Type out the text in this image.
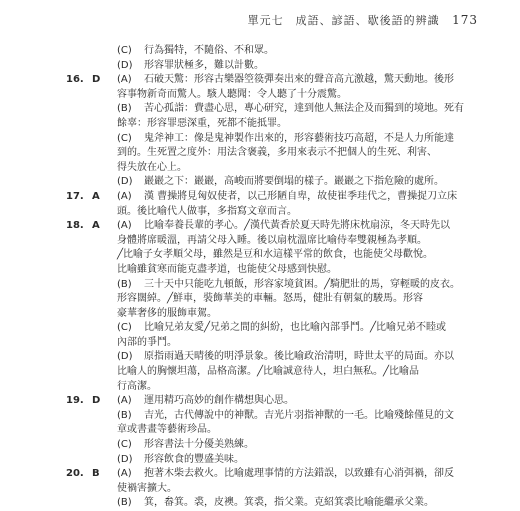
單元七　成語、諺語、歇後語的辨識 173
(C) 行為獨特，不隨俗、不和眾。
(D) 形容罪狀極多，難以計數。
16. D (A) 石破天驚：形容古樂器箜篌彈奏出來的聲音高亢激越，驚天動地。後形
容事物新奇而驚人。駭人聽聞：令人聽了十分震驚。
(B) 苦心孤詣：費盡心思，專心研究，達到他人無法企及而獨到的境地。死有
餘辜：形容罪惡深重，死都不能抵罪。
(C) 鬼斧神工：像是鬼神製作出來的，形容藝術技巧高超，不是人力所能達
到的。生死置之度外：用法含褒義，多用來表示不把個人的生死、利害、
得失放在心上。
(D) 巖巖之下：巖巖，高峻而將要倒塌的樣子。巖巖之下指危險的處所。
17. A (A) 漢 曹操將見匈奴使者，以己形陋自卑，故使崔季珪代之，曹操捉刀立床
頭。後比喻代人做事，多指寫文章而言。
18. A (A) 比喻奉養長輩的孝心。╱漢代黃香於夏天時先將床枕扇涼，冬天時先以
身體將席暖溫，再請父母入睡。後以扇枕溫席比喻侍奉雙親極為孝順。
╱比喻子女孝順父母，雖然是豆和水這樣平常的飲食，也能使父母歡悅。
比喻雖貧寒而能克盡孝道，也能使父母感到快慰。
(B) 三十天中只能吃九頓飯，形容家境貧困。╱騎肥壯的馬，穿輕暖的皮衣。
形容闊綽。╱鮮車，裝飾華美的車輛。怒馬，健壯有朝氣的駿馬。形容
豪華奢侈的服飾車駕。
(C) 比喻兄弟友愛╱兄弟之間的糾紛，也比喻內部爭鬥。╱比喻兄弟不睦或
內部的爭鬥。
(D) 原指雨過天晴後的明淨景象。後比喻政治清明，時世太平的局面。亦以
比喻人的胸懷坦蕩，品格高潔。╱比喻誠意待人，坦白無私。╱比喻品
行高潔。
19. D (A) 運用精巧高妙的創作構想與心思。
(B) 吉光，古代傳說中的神獸。吉光片羽指神獸的一毛。比喻殘餘僅見的文
章或書畫等藝術珍品。
(C) 形容書法十分優美熟練。
(D) 形容飲食的豐盛美味。
20. B (A) 抱著木柴去救火。比喻處理事情的方法錯誤，以致雖有心消弭禍，卻反
使禍害擴大。
(B) 箕，畚箕。裘，皮襖。箕裘，指父業。克紹箕裘比喻能繼承父業。
